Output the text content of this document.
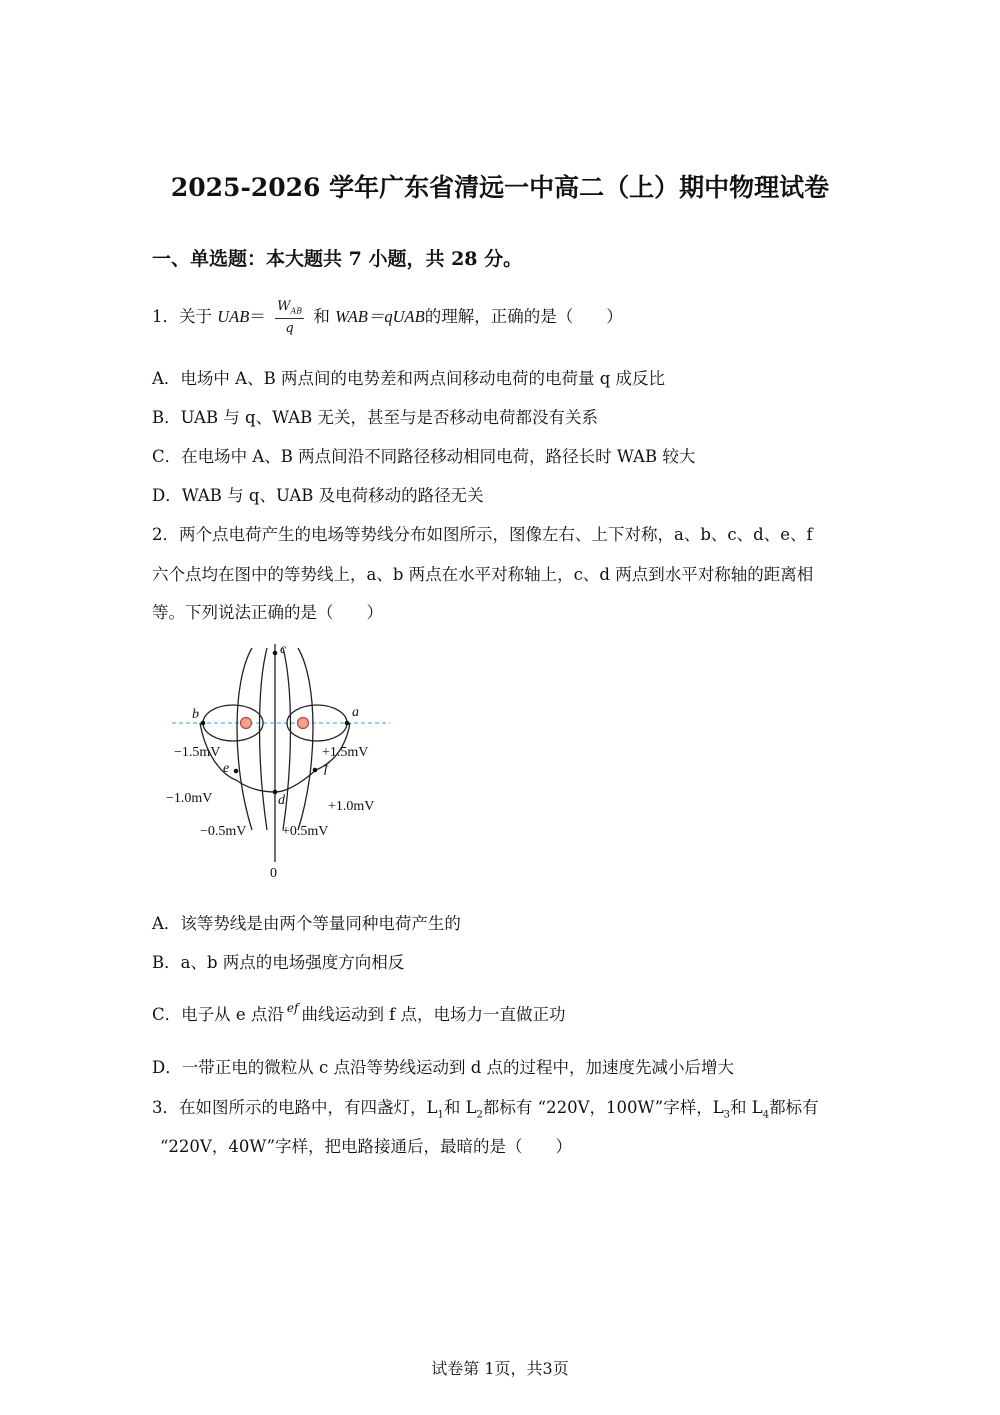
2025-2026 学年广东省清远一中高二（上）期中物理试卷
一、单选题：本大题共 7 小题，共 28 分。
1．关于 $UAB= \frac{W_{AB}}{q}$ 和 WAB＝qUAB的理解，正确的是（　　）
A．电场中 A、B 两点间的电势差和两点间移动电荷的电荷量 q 成反比
B．UAB 与 q、WAB 无关，甚至与是否移动电荷都没有关系
C．在电场中 A、B 两点间沿不同路径移动相同电荷，路径长时 WAB 较大
D．WAB 与 q、UAB 及电荷移动的路径无关
2．两个点电荷产生的电场等势线分布如图所示，图像左右、上下对称，a、b、c、d、e、f
六个点均在图中的等势线上，a、b 两点在水平对称轴上，c、d 两点到水平对称轴的距离相
等。下列说法正确的是（　　）
c
b	a
e	f
d
−1.5mV	+1.5mV
−1.0mV
+1.0mV
−0.5mV	+0.5mV
0
A．该等势线是由两个等量同种电荷产生的
B．a、b 两点的电场强度方向相反
C．电子从 e 点沿 $^{ef}$ 曲线运动到 f 点，电场力一直做正功
D．一带正电的微粒从 c 点沿等势线运动到 d 点的过程中，加速度先减小后增大
3．在如图所示的电路中，有四盏灯，$L_1$和 $L_2$都标有 “220V，100W”字样，$L_3$和 $L_4$都标有
“220V，40W”字样，把电路接通后，最暗的是（　　）
试卷第 1页，共3页
